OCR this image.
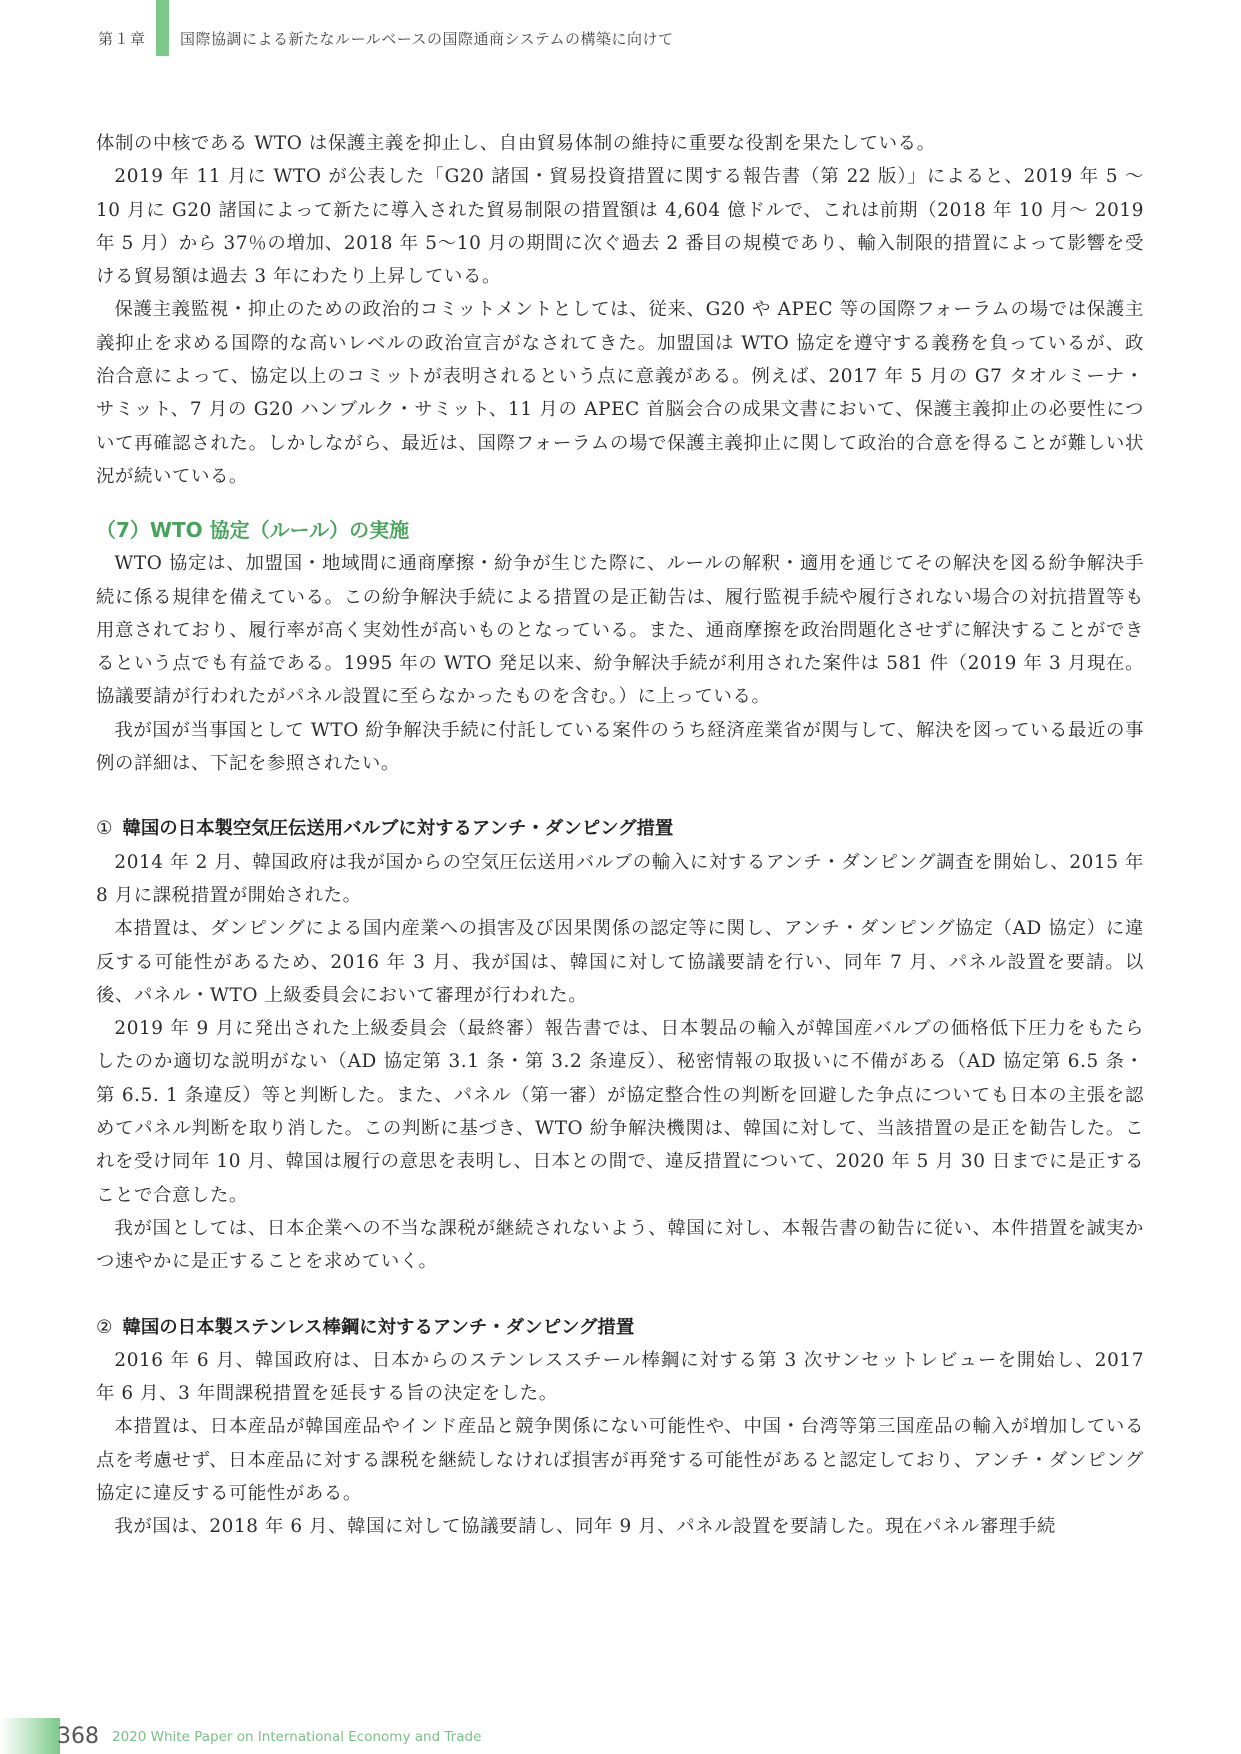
第１章 国際協調による新たなルールベースの国際通商システムの構築に向けて

体制の中核である WTO は保護主義を抑止し、自由貿易体制の維持に重要な役割を果たしている。

2019 年 11 月に WTO が公表した「G20 諸国・貿易投資措置に関する報告書（第 22 版）」によると、2019 年 5 〜10 月に G20 諸国によって新たに導入された貿易制限の措置額は 4,604 億ドルで、これは前期（2018 年 10 月〜 2019 年 5 月）から 37％の増加、2018 年 5〜10 月の期間に次ぐ過去 2 番目の規模であり、輸入制限的措置によって影響を受ける貿易額は過去 3 年にわたり上昇している。

保護主義監視・抑止のための政治的コミットメントとしては、従来、G20 や APEC 等の国際フォーラムの場では保護主義抑止を求める国際的な高いレベルの政治宣言がなされてきた。加盟国は WTO 協定を遵守する義務を負っているが、政治合意によって、協定以上のコミットが表明されるという点に意義がある。例えば、2017 年 5 月の G7 タオルミーナ・サミット、7 月の G20 ハンブルク・サミット、11 月の APEC 首脳会合の成果文書において、保護主義抑止の必要性について再確認された。しかしながら、最近は、国際フォーラムの場で保護主義抑止に関して政治的合意を得ることが難しい状況が続いている。

（7）WTO 協定（ルール）の実施

WTO 協定は、加盟国・地域間に通商摩擦・紛争が生じた際に、ルールの解釈・適用を通じてその解決を図る紛争解決手続に係る規律を備えている。この紛争解決手続による措置の是正勧告は、履行監視手続や履行されない場合の対抗措置等も用意されており、履行率が高く実効性が高いものとなっている。また、通商摩擦を政治問題化させずに解決することができるという点でも有益である。1995 年の WTO 発足以来、紛争解決手続が利用された案件は 581 件（2019 年 3 月現在。協議要請が行われたがパネル設置に至らなかったものを含む。）に上っている。

我が国が当事国として WTO 紛争解決手続に付託している案件のうち経済産業省が関与して、解決を図っている最近の事例の詳細は、下記を参照されたい。

① 韓国の日本製空気圧伝送用バルブに対するアンチ・ダンピング措置

2014 年 2 月、韓国政府は我が国からの空気圧伝送用バルブの輸入に対するアンチ・ダンピング調査を開始し、2015 年 8 月に課税措置が開始された。

本措置は、ダンピングによる国内産業への損害及び因果関係の認定等に関し、アンチ・ダンピング協定（AD 協定）に違反する可能性があるため、2016 年 3 月、我が国は、韓国に対して協議要請を行い、同年 7 月、パネル設置を要請。以後、パネル・WTO 上級委員会において審理が行われた。

2019 年 9 月に発出された上級委員会（最終審）報告書では、日本製品の輸入が韓国産バルブの価格低下圧力をもたらしたのか適切な説明がない（AD 協定第 3.1 条・第 3.2 条違反）、秘密情報の取扱いに不備がある（AD 協定第 6.5 条・第 6.5. 1 条違反）等と判断した。また、パネル（第一審）が協定整合性の判断を回避した争点についても日本の主張を認めてパネル判断を取り消した。この判断に基づき、WTO 紛争解決機関は、韓国に対して、当該措置の是正を勧告した。これを受け同年 10 月、韓国は履行の意思を表明し、日本との間で、違反措置について、2020 年 5 月 30 日までに是正することで合意した。

我が国としては、日本企業への不当な課税が継続されないよう、韓国に対し、本報告書の勧告に従い、本件措置を誠実かつ速やかに是正することを求めていく。

② 韓国の日本製ステンレス棒鋼に対するアンチ・ダンピング措置

2016 年 6 月、韓国政府は、日本からのステンレススチール棒鋼に対する第 3 次サンセットレビューを開始し、2017 年 6 月、3 年間課税措置を延長する旨の決定をした。

本措置は、日本産品が韓国産品やインド産品と競争関係にない可能性や、中国・台湾等第三国産品の輸入が増加している点を考慮せず、日本産品に対する課税を継続しなければ損害が再発する可能性があると認定しており、アンチ・ダンピング協定に違反する可能性がある。

我が国は、2018 年 6 月、韓国に対して協議要請し、同年 9 月、パネル設置を要請した。現在パネル審理手続

368 2020 White Paper on International Economy and Trade
